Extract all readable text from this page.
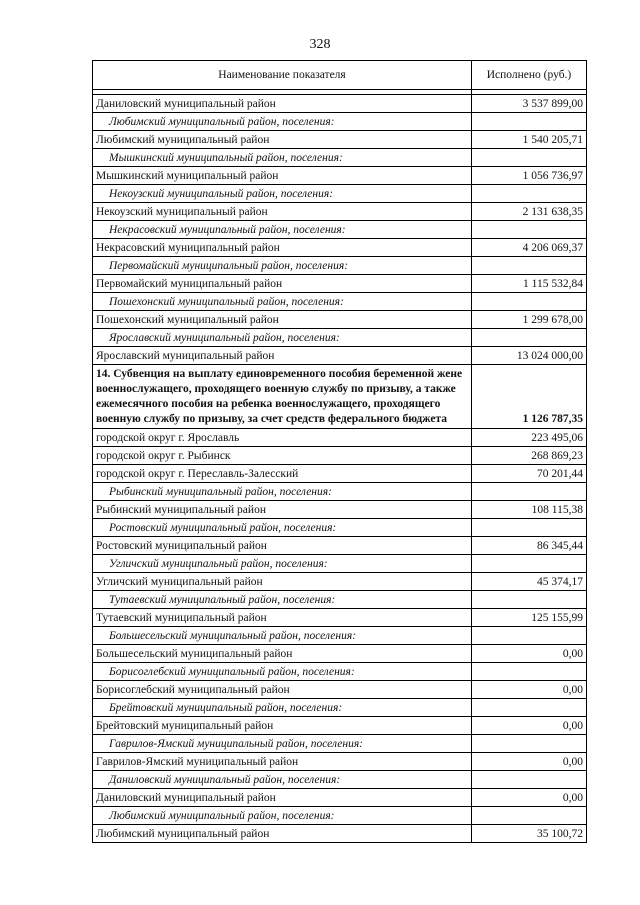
328
Наименование показателя	Исполнено (руб.)

Даниловский муниципальный район	3 537 899,00
Любимский муниципальный район, поселения:	
Любимский муниципальный район	1 540 205,71
Мышкинский муниципальный район, поселения:	
Мышкинский муниципальный район	1 056 736,97
Некоузский муниципальный район, поселения:	
Некоузский муниципальный район	2 131 638,35
Некрасовский муниципальный район, поселения:	
Некрасовский муниципальный район	4 206 069,37
Первомайский муниципальный район, поселения:	
Первомайский муниципальный район	1 115 532,84
Пошехонский муниципальный район, поселения:	
Пошехонский муниципальный район	1 299 678,00
Ярославский муниципальный район, поселения:	
Ярославский муниципальный район	13 024 000,00
14. Субвенция на выплату единовременного пособия беременной жене военнослужащего, проходящего военную службу по призыву, а также ежемесячного пособия на ребенка военнослужащего, проходящего военную службу по призыву, за счет средств федерального бюджета	1 126 787,35
городской округ г. Ярославль	223 495,06
городской округ г. Рыбинск	268 869,23
городской округ г. Переславль-Залесский	70 201,44
Рыбинский муниципальный район, поселения:	
Рыбинский муниципальный район	108 115,38
Ростовский муниципальный район, поселения:	
Ростовский муниципальный район	86 345,44
Угличский муниципальный район, поселения:	
Угличский муниципальный район	45 374,17
Тутаевский муниципальный район, поселения:	
Тутаевский муниципальный район	125 155,99
Большесельский муниципальный район, поселения:	
Большесельский муниципальный район	0,00
Борисоглебский муниципальный район, поселения:	
Борисоглебский муниципальный район	0,00
Брейтовский муниципальный район, поселения:	
Брейтовский муниципальный район	0,00
Гаврилов-Ямский муниципальный район, поселения:	
Гаврилов-Ямский муниципальный район	0,00
Даниловский муниципальный район, поселения:	
Даниловский муниципальный район	0,00
Любимский муниципальный район, поселения:	
Любимский муниципальный район	35 100,72
